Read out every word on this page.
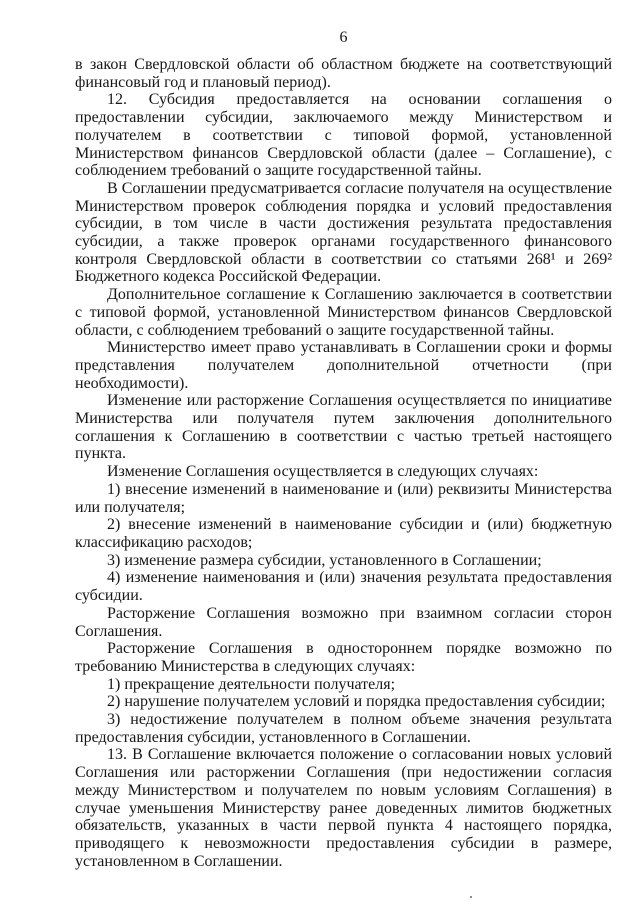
6

в закон Свердловской области об областном бюджете на соответствующий финансовый год и плановый период).

12. Субсидия предоставляется на основании соглашения о предоставлении субсидии, заключаемого между Министерством и получателем в соответствии с типовой формой, установленной Министерством финансов Свердловской области (далее – Соглашение), с соблюдением требований о защите государственной тайны.

В Соглашении предусматривается согласие получателя на осуществление Министерством проверок соблюдения порядка и условий предоставления субсидии, в том числе в части достижения результата предоставления субсидии, а также проверок органами государственного финансового контроля Свердловской области в соответствии со статьями 268¹ и 269² Бюджетного кодекса Российской Федерации.

Дополнительное соглашение к Соглашению заключается в соответствии с типовой формой, установленной Министерством финансов Свердловской области, с соблюдением требований о защите государственной тайны.

Министерство имеет право устанавливать в Соглашении сроки и формы представления получателем дополнительной отчетности (при необходимости).

Изменение или расторжение Соглашения осуществляется по инициативе Министерства или получателя путем заключения дополнительного соглашения к Соглашению в соответствии с частью третьей настоящего пункта.

Изменение Соглашения осуществляется в следующих случаях:

1) внесение изменений в наименование и (или) реквизиты Министерства или получателя;

2) внесение изменений в наименование субсидии и (или) бюджетную классификацию расходов;

3) изменение размера субсидии, установленного в Соглашении;

4) изменение наименования и (или) значения результата предоставления субсидии.

Расторжение Соглашения возможно при взаимном согласии сторон Соглашения.

Расторжение Соглашения в одностороннем порядке возможно по требованию Министерства в следующих случаях:

1) прекращение деятельности получателя;

2) нарушение получателем условий и порядка предоставления субсидии;

3) недостижение получателем в полном объеме значения результата предоставления субсидии, установленного в Соглашении.

13. В Соглашение включается положение о согласовании новых условий Соглашения или расторжении Соглашения (при недостижении согласия между Министерством и получателем по новым условиям Соглашения) в случае уменьшения Министерству ранее доведенных лимитов бюджетных обязательств, указанных в части первой пункта 4 настоящего порядка, приводящего к невозможности предоставления субсидии в размере, установленном в Соглашении.
